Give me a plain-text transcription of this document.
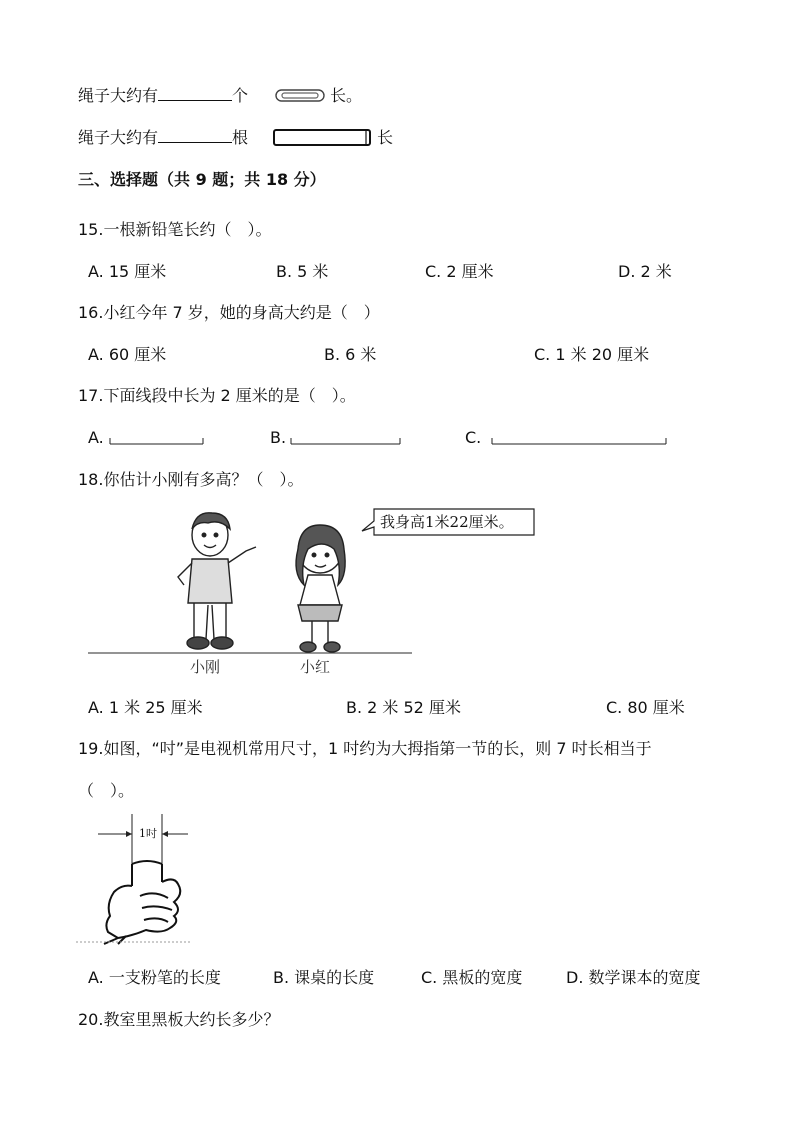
绳子大约有	个	长。
绳子大约有	根	长
三、选择题（共 9 题；共 18 分）
15.一根新铅笔长约（　）。
A. 15 厘米	B. 5 米	C. 2 厘米	D. 2 米
16.小红今年 7 岁，她的身高大约是（　）
A. 60 厘米	B. 6 米	C. 1 米 20 厘米
17.下面线段中长为 2 厘米的是（　）。
A.	B.	C.
18.你估计小刚有多高？（　）。
我身高1米22厘米。
小刚	小红
A. 1 米 25 厘米	B. 2 米 52 厘米	C. 80 厘米
19.如图，“吋”是电视机常用尺寸，1 吋约为大拇指第一节的长，则 7 吋长相当于
（　）。
1吋
A. 一支粉笔的长度	B. 课桌的长度	C. 黑板的宽度	D. 数学课本的宽度
20.教室里黑板大约长多少？
